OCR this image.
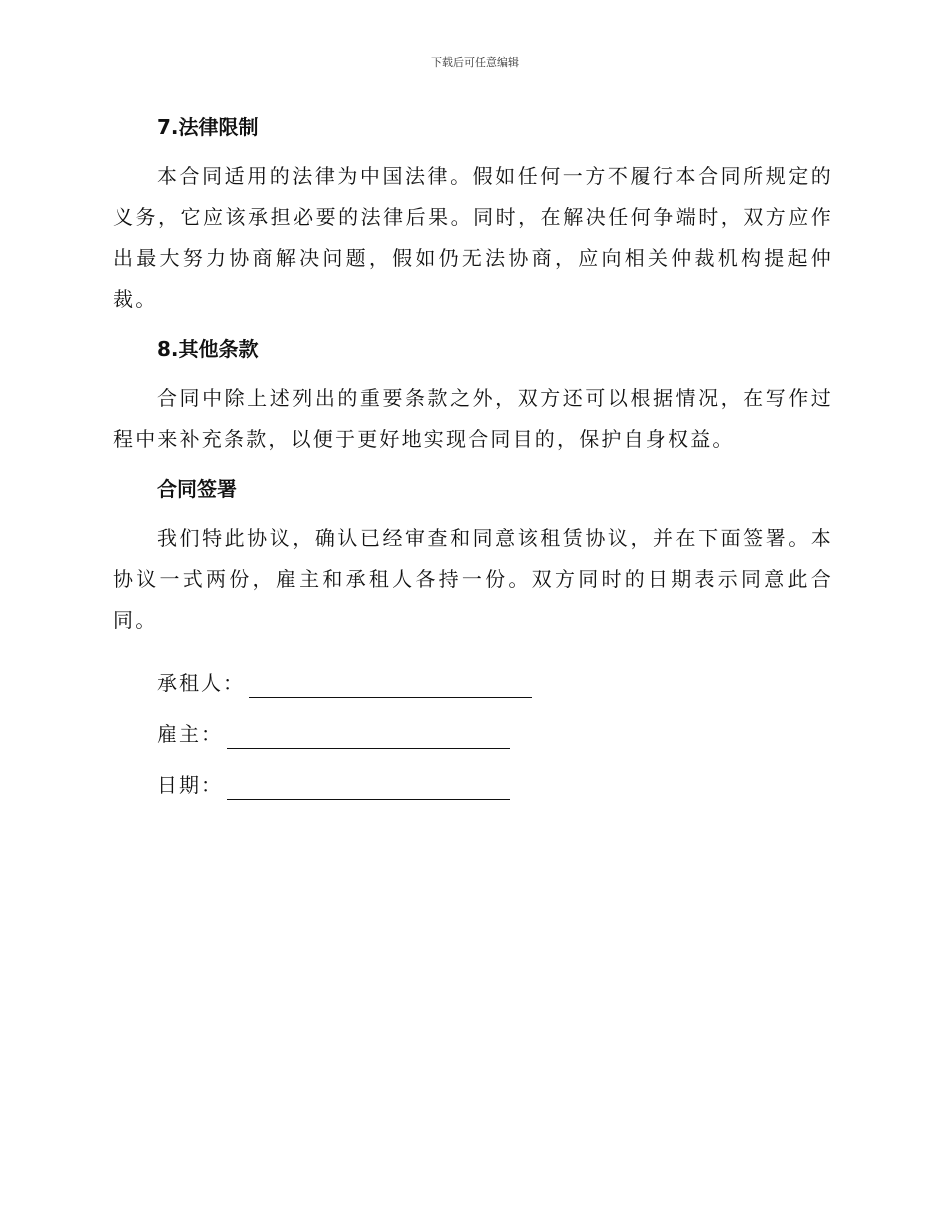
下载后可任意编辑
7.法律限制

本合同适用的法律为中国法律。假如任何一方不履行本合同所规定的义务，它应该承担必要的法律后果。同时，在解决任何争端时，双方应作出最大努力协商解决问题，假如仍无法协商，应向相关仲裁机构提起仲裁。

8.其他条款

合同中除上述列出的重要条款之外，双方还可以根据情况，在写作过程中来补充条款，以便于更好地实现合同目的，保护自身权益。

合同签署

我们特此协议，确认已经审查和同意该租赁协议，并在下面签署。本协议一式两份，雇主和承租人各持一份。双方同时的日期表示同意此合同。

承租人：
雇主：
日期：
